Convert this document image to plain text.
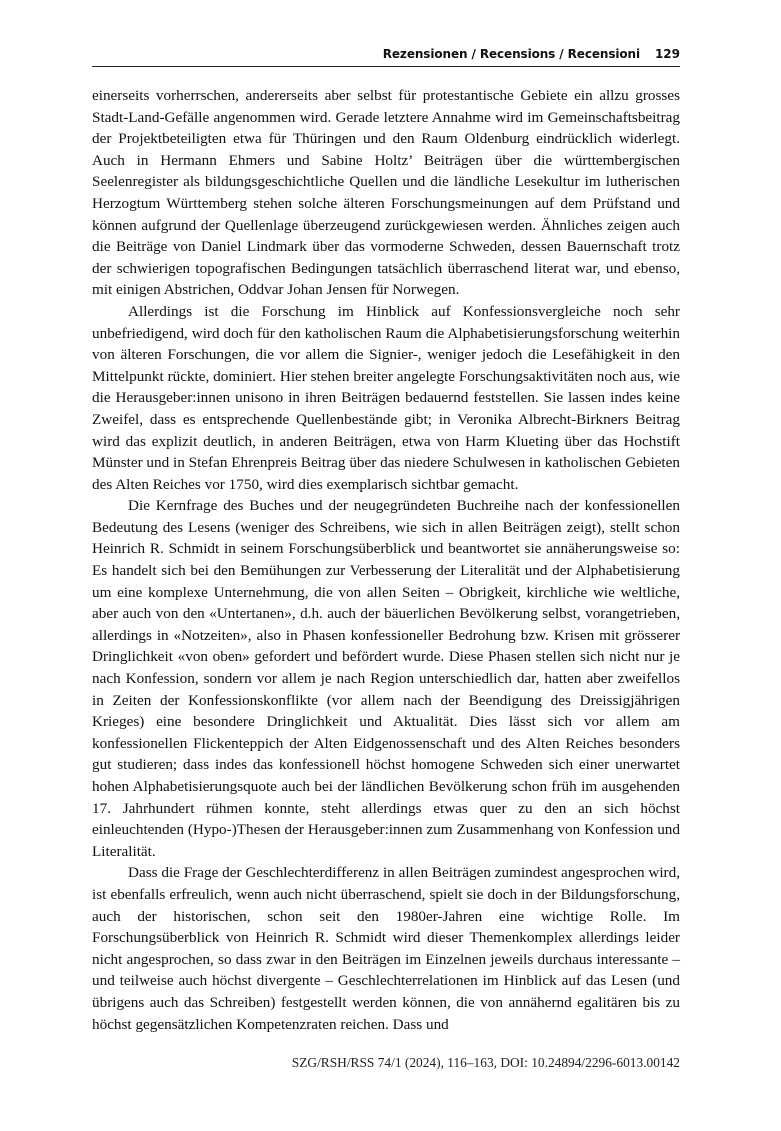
Rezensionen / Recensions / Recensioni 129

einerseits vorherrschen, andererseits aber selbst für protestantische Gebiete ein allzu grosses Stadt-Land-Gefälle angenommen wird. Gerade letztere Annahme wird im Gemeinschaftsbeitrag der Projektbeteiligten etwa für Thüringen und den Raum Oldenburg eindrücklich widerlegt. Auch in Hermann Ehmers und Sabine Holtz’ Beiträgen über die württembergischen Seelenregister als bildungsgeschichtliche Quellen und die ländliche Lesekultur im lutherischen Herzogtum Württemberg stehen solche älteren Forschungsmeinungen auf dem Prüfstand und können aufgrund der Quellenlage überzeugend zurückgewiesen werden. Ähnliches zeigen auch die Beiträge von Daniel Lindmark über das vormoderne Schweden, dessen Bauernschaft trotz der schwierigen topografischen Bedingungen tatsächlich überraschend literat war, und ebenso, mit einigen Abstrichen, Oddvar Johan Jensen für Norwegen.

Allerdings ist die Forschung im Hinblick auf Konfessionsvergleiche noch sehr unbefriedigend, wird doch für den katholischen Raum die Alphabetisierungsforschung weiterhin von älteren Forschungen, die vor allem die Signier-, weniger jedoch die Lesefähigkeit in den Mittelpunkt rückte, dominiert. Hier stehen breiter angelegte Forschungsaktivitäten noch aus, wie die Herausgeber:innen unisono in ihren Beiträgen bedauernd feststellen. Sie lassen indes keine Zweifel, dass es entsprechende Quellenbestände gibt; in Veronika Albrecht-Birkners Beitrag wird das explizit deutlich, in anderen Beiträgen, etwa von Harm Klueting über das Hochstift Münster und in Stefan Ehrenpreis Beitrag über das niedere Schulwesen in katholischen Gebieten des Alten Reiches vor 1750, wird dies exemplarisch sichtbar gemacht.

Die Kernfrage des Buches und der neugegründeten Buchreihe nach der konfessionellen Bedeutung des Lesens (weniger des Schreibens, wie sich in allen Beiträgen zeigt), stellt schon Heinrich R. Schmidt in seinem Forschungsüberblick und beantwortet sie annäherungsweise so: Es handelt sich bei den Bemühungen zur Verbesserung der Literalität und der Alphabetisierung um eine komplexe Unternehmung, die von allen Seiten – Obrigkeit, kirchliche wie weltliche, aber auch von den «Untertanen», d.h. auch der bäuerlichen Bevölkerung selbst, vorangetrieben, allerdings in «Notzeiten», also in Phasen konfessioneller Bedrohung bzw. Krisen mit grösserer Dringlichkeit «von oben» gefordert und befördert wurde. Diese Phasen stellen sich nicht nur je nach Konfession, sondern vor allem je nach Region unterschiedlich dar, hatten aber zweifellos in Zeiten der Konfessionskonflikte (vor allem nach der Beendigung des Dreissigjährigen Krieges) eine besondere Dringlichkeit und Aktualität. Dies lässt sich vor allem am konfessionellen Flickenteppich der Alten Eidgenossenschaft und des Alten Reiches besonders gut studieren; dass indes das konfessionell höchst homogene Schweden sich einer unerwartet hohen Alphabetisierungsquote auch bei der ländlichen Bevölkerung schon früh im ausgehenden 17. Jahrhundert rühmen konnte, steht allerdings etwas quer zu den an sich höchst einleuchtenden (Hypo-)Thesen der Herausgeber:innen zum Zusammenhang von Konfession und Literalität.

Dass die Frage der Geschlechterdifferenz in allen Beiträgen zumindest angesprochen wird, ist ebenfalls erfreulich, wenn auch nicht überraschend, spielt sie doch in der Bildungsforschung, auch der historischen, schon seit den 1980er-Jahren eine wichtige Rolle. Im Forschungsüberblick von Heinrich R. Schmidt wird dieser Themenkomplex allerdings leider nicht angesprochen, so dass zwar in den Beiträgen im Einzelnen jeweils durchaus interessante – und teilweise auch höchst divergente – Geschlechterrelationen im Hinblick auf das Lesen (und übrigens auch das Schreiben) festgestellt werden können, die von annähernd egalitären bis zu höchst gegensätzlichen Kompetenzraten reichen. Dass und

SZG/RSH/RSS 74/1 (2024), 116–163, DOI: 10.24894/2296-6013.00142
